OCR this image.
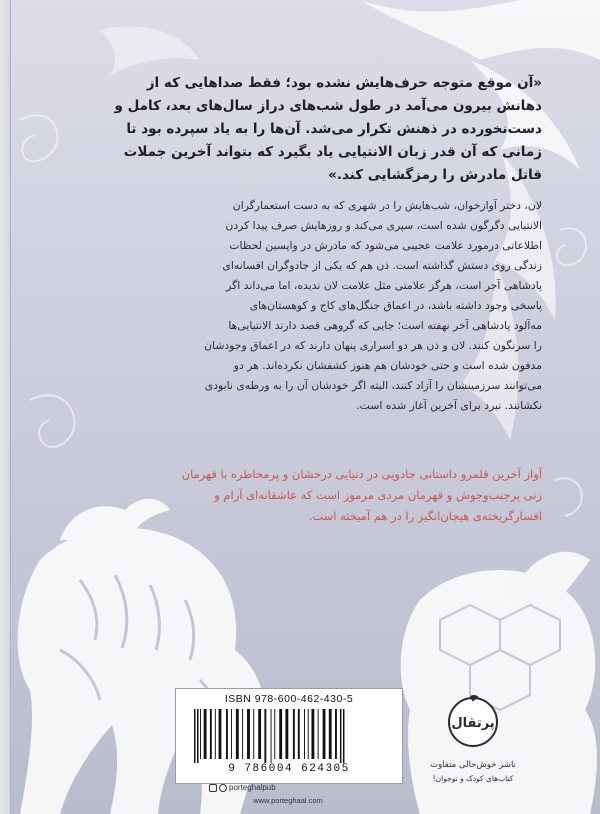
«آن موقع متوجه حرف‌هایش نشده بود؛ فقط صداهایی که از
دهانش بیرون می‌آمد در طول شب‌های دراز سال‌های بعد، کامل و
دست‌نخورده در ذهنش تکرار می‌شد. آن‌ها را به یاد سپرده بود تا
زمانی که آن قدر زبان الانتیایی یاد بگیرد که بتواند آخرین جملات
قاتل مادرش را رمزگشایی کند.»
لان، دختر آوازخوان، شب‌هایش را در شهری که به دست استعمارگران
الانتیایی دگرگون شده است، سپری می‌کند و روزهایش صرف پیدا کردن
اطلاعاتی درمورد علامت عجیبی می‌شود که مادرش در واپسین لحظات
زندگی روی دستش گذاشته است. ذن هم که یکی از جادوگران افسانه‌ای
پادشاهی آجر است، هرگز علامتی مثل علامت لان ندیده، اما می‌داند اگر
پاسخی وجود داشته باشد، در اعماق جنگل‌های کاج و کوهستان‌های
مه‌آلود پادشاهی آخر نهفته است؛ جایی که گروهی قصد دارند الانتیایی‌ها
را سرنگون کنند. لان و ذن هر دو اسراری پنهان دارند که در اعماق وجودشان
مدفون شده است و حتی خودشان هم هنوز کشفشان نکرده‌اند. هر دو
می‌توانند سرزمینشان را آزاد کنند، البته اگر خودشان آن را به ورطه‌ی نابودی
نکشانند. نبرد برای آخرین آغاز شده است.
آواز آخرین قلمرو داستانی جادویی در دنیایی درخشان و پرمخاطره با قهرمان
زنی پرجنب‌وجوش و قهرمان مردی مرموز است که عاشقانه‌ای آرام و
افسارگریخته‌ی هیجان‌انگیز را در هم آمیخته است.
ISBN 978-600-462-430-5
9 786004 624305
porteghalpub
www.porteghaal.com
پرتقال
ناشر خوش‌حالی متفاوت
کتاب‌های کودک و نوجوان!
